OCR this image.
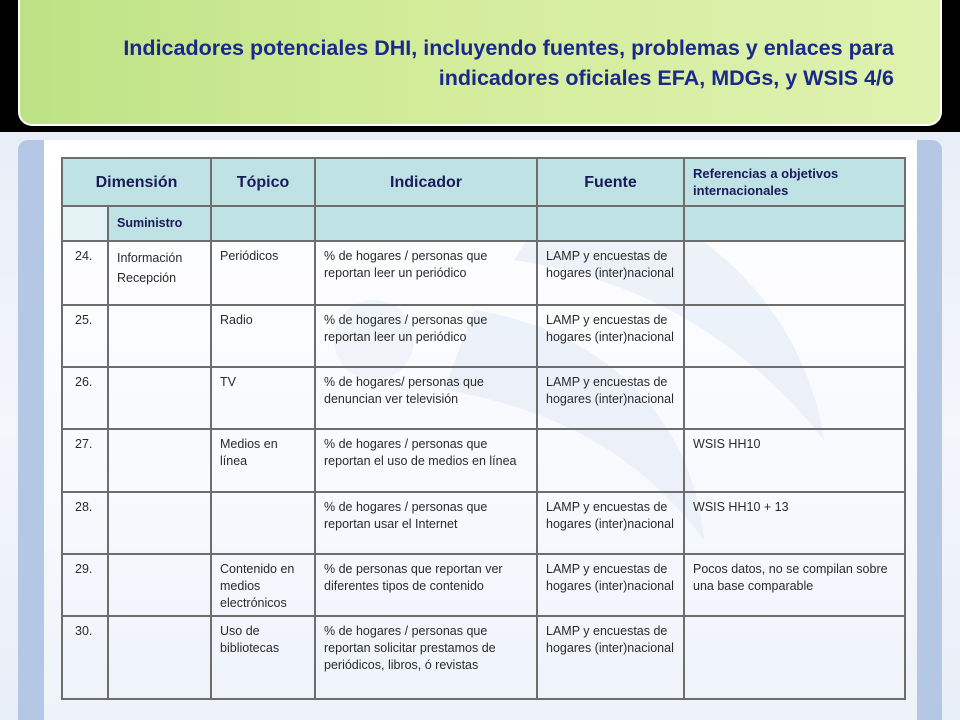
Indicadores potenciales DHI, incluyendo fuentes, problemas y enlaces para indicadores oficiales EFA, MDGs, y WSIS 4/6
Dimensión		Tópico	Indicador	Fuente	Referencias a objetivos internacionales
	Suministro				
24.	Información Recepción	Periódicos	% de hogares / personas que reportan leer un periódico	LAMP y encuestas de hogares (inter)nacional	
25.		Radio	% de hogares / personas que reportan leer un periódico	LAMP y encuestas de hogares (inter)nacional	
26.		TV	% de hogares/ personas que denuncian ver televisión	LAMP y encuestas de hogares (inter)nacional	
27.		Medios en línea	% de hogares / personas que reportan el uso de medios en línea		WSIS HH10
28.			% de hogares / personas que reportan usar el Internet	LAMP y encuestas de hogares (inter)nacional	WSIS HH10 + 13
29.		Contenido en medios electrónicos	% de personas que reportan ver diferentes tipos de contenido	LAMP y encuestas de hogares (inter)nacional	Pocos datos, no se compilan sobre una base comparable
30.		Uso de bibliotecas	% de hogares / personas que reportan solicitar prestamos de periódicos, libros, ó revistas	LAMP y encuestas de hogares (inter)nacional	
